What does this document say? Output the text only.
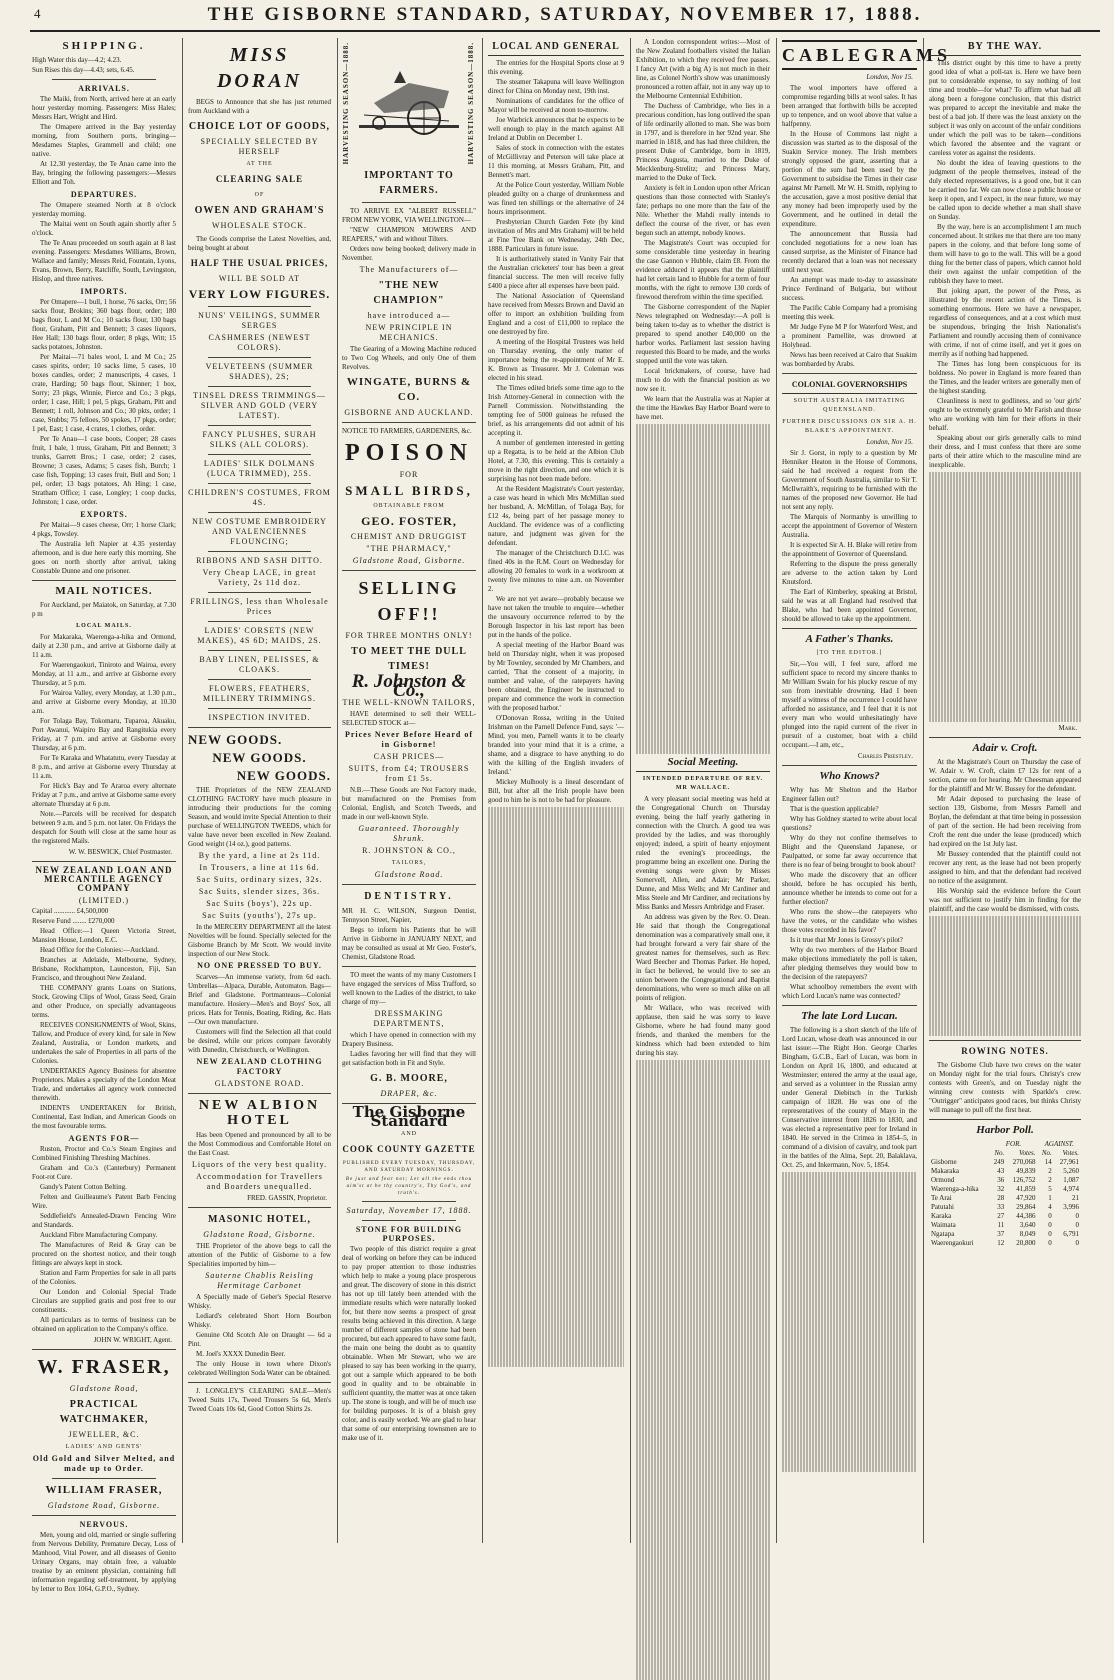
4	THE GISBORNE STANDARD, SATURDAY, NOVEMBER 17, 1888.
SHIPPING.

High Water this day—4.2; 4.23.

Sun Rises this day—4.43; sets, 6.45.

ARRIVALS.

The Maiki, from North, arrived here at an early hour yesterday morning. Passengers: Miss Hales; Messrs Hart, Wright and Hird.

The Omapere arrived in the Bay yesterday morning, from Southern ports, bringing—Mesdames Staples, Grammell and child; one native.

At 12.30 yesterday, the Te Anau came into the Bay, bringing the following passengers:—Messrs Elliott and Toh.

DEPARTURES.

The Omapere steamed North at 8 o'clock yesterday morning.

The Maitai went on South again shortly after 5 o'clock.

The Te Anau proceeded on south again at 8 last evening. Passengers: Mesdames Williams, Brown, Wallace and family; Messrs Reid, Fountain, Lyons, Evans, Brown, Berry, Ratcliffe, South, Levingston, Hislop, and three natives.

IMPORTS.

Per Omapere—1 bull, 1 horse, 76 sacks, Orr; 56 sacks flour, Brokins; 360 bags flour, order; 180 bags flour, L and M Co.; 10 sacks flour, 130 bags flour, Graham, Pitt and Bennett; 3 cases liquors, Hee Hall; 130 bags flour, order; 8 pkgs, Witt; 15 sacks potatoes, Johnston.

Per Maitai—71 bales wool, L and M Co.; 25 cases spirits, order; 10 sacks lime, 5 cases, 10 boxes candles, order; 2 manuscripts, 4 cases, 1 crate, Harding; 50 bags flour, Skinner; 1 box, Sorry; 23 pkgs, Winnie, Pierce and Co.; 3 pkgs, order; 1 case, Hill; 1 pel, 5 pkgs, Graham, Pitt and Bennett; 1 roll, Johnson and Co.; 30 pkts, order; 1 case, Stubbs; 75 felloes, 50 spokes, 17 pkgs, order; 1 pel, East; 1 case, 4 crates, 1 clothes, order.

Per Te Anau—1 case boots, Cooper; 28 cases fruit, 1 bale, 1 truss, Graham, Pitt and Bennett; 3 trunks, Garrett Bros.; 1 case, order; 2 cases, Browne; 3 cases, Adams; 5 cases fish, Burch; 1 case fish, Topping; 13 cases fruit, Bull and Son; 1 pel, order; 13 bags potatoes, Ah Hing; 1 case, Stratham Office; 1 case, Longley; 1 coop ducks, Johnston; 1 case, order.

EXPORTS.

Per Maitai—9 cases cheese, Orr; 1 horse Clark; 4 pkgs, Towsley.

The Australia left Napier at 4.35 yesterday afternoon, and is due here early this morning. She goes on north shortly after arrival, taking Constable Dunne and one prisoner.

MAIL NOTICES.

For Auckland, per Maiatok, on Saturday, at 7.30 p m

LOCAL MAILS.

For Makaraka, Waerenga-a-hika and Ormond, daily at 2.30 p.m., and arrive at Gisborne daily at 11 a.m.

For Waerengaokuri, Tiniroto and Wairoa, every Monday, at 11 a.m., and arrive at Gisborne every Thursday, at 5 p.m.

For Wairoa Valley, every Monday, at 1.30 p.m., and arrive at Gisborne every Monday, at 10.30 a.m.

For Tolaga Bay, Tokomaru, Tuparoa, Akuaku, Port Awanui, Waipiro Bay and Rangitukia every Friday, at 7 p.m. and arrive at Gisborne every Thursday, at 6 p.m.

For Te Karaka and Whatatutu, every Tuesday at 8 p.m., and arrive at Gisborne every Thursday at 11 a.m.

For Hick's Bay and Te Araroa every alternate Friday at 7 p.m., and arrive at Gisborne same every alternate Thursday at 6 p.m.

Note.—Parcels will be received for despatch between 9 a.m. and 5 p.m. not later. On Fridays the despatch for South will close at the same hour as the registered Mails.

W. W. BESWICK, Chief Postmaster.
NEW ZEALAND LOAN AND MERCANTILE AGENCY COMPANY
(LIMITED.)

Capital ............ £4,500,000

Reserve Fund ........ £270,000

Head Office:—1 Queen Victoria Street, Mansion House, London, E.C.

Head Office for the Colonies:—Auckland.

Branches at Adelaide, Melbourne, Sydney, Brisbane, Rockhampton, Launceston, Fiji, San Francisco, and throughout New Zealand.

THE COMPANY grants Loans on Stations, Stock, Growing Clips of Wool, Grass Seed, Grain and other Produce, on specially advantageous terms.

RECEIVES CONSIGNMENTS of Wool, Skins, Tallow, and Produce of every kind, for sale in New Zealand, Australia, or London markets, and undertakes the sale of Properties in all parts of the Colonies.

UNDERTAKES Agency Business for absentee Proprietors. Makes a specialty of the London Meat Trade, and undertakes all agency work connected therewith.

INDENTS UNDERTAKEN for British, Continental, East Indian, and American Goods on the most favourable terms.

AGENTS FOR—

Ruston, Proctor and Co.'s Steam Engines and Combined Finishing Threshing Machines.

Graham and Co.'s (Canterbury) Permanent Foot-rot Cure.

Gandy's Patent Cotton Belting.

Felten and Guilleaume's Patent Barb Fencing Wire.

Seddlefield's Annealed-Drawn Fencing Wire and Standards.

Auckland Fibre Manufacturing Company.

The Manufactures of Reid & Gray can be procured on the shortest notice, and their tough fittings are always kept in stock.

Station and Farm Properties for sale in all parts of the Colonies.

Our London and Colonial Special Trade Circulars are supplied gratis and post free to our constituents.

All particulars as to terms of business can be obtained on application to the Company's office.

JOHN W. WRIGHT, Agent.
W. FRASER,
Gladstone Road,
PRACTICAL WATCHMAKER,
JEWELLER, &C.
LADIES' AND GENTS'
Old Gold and Silver Melted, and made up to Order.
WILLIAM FRASER,
Gladstone Road, Gisborne.
NERVOUS.

Men, young and old, married or single suffering from Nervous Debility, Premature Decay, Loss of Manhood, Vital Power, and all diseases of Genito Urinary Organs, may obtain free, a valuable treatise by an eminent physician, containing full information regarding self-treatment, by applying by letter to Box 1064, G.P.O., Sydney.

MISS DORAN

BEGS to Announce that she has just returned from Auckland with a

CHOICE LOT OF GOODS,
SPECIALLY SELECTED BY HERSELF
AT THE
CLEARING SALE
OF
OWEN AND GRAHAM'S
WHOLESALE STOCK.

The Goods comprise the Latest Novelties, and, being bought at about

HALF THE USUAL PRICES,
WILL BE SOLD AT
VERY LOW FIGURES.
NUNS' VEILINGS, SUMMER SERGES
CASHMERES (NEWEST COLORS).
VELVETEENS (SUMMER SHADES), 2S;
TINSEL DRESS TRIMMINGS—SILVER AND GOLD (VERY LATEST).
FANCY PLUSHES, SURAH SILKS (ALL COLORS).
LADIES' SILK DOLMANS (LUCA TRIMMED), 25S.
CHILDREN'S COSTUMES, FROM 4S.
NEW COSTUME EMBROIDERY AND VALENCIENNES FLOUNCING;
RIBBONS AND SASH DITTO.
Very Cheap LACE, in great Variety, 2s 11d doz.
FRILLINGS, less than Wholesale Prices
LADIES' CORSETS (NEW MAKES), 4S 6D; MAIDS, 2S.
BABY LINEN, PELISSES, & CLOAKS.
FLOWERS, FEATHERS, MILLINERY TRIMMINGS.
INSPECTION INVITED.
NEW GOODS.
NEW GOODS.
NEW GOODS.

THE Proprietors of the NEW ZEALAND CLOTHING FACTORY have much pleasure in introducing their productions for the coming Season, and would invite Special Attention to their purchase of WELLINGTON TWEEDS, which for value have never been excelled in New Zealand. Good weight (14 oz.), good patterns.

By the yard, a line at 2s 11d.
In Trousers, a line at 11s 6d.
Sac Suits, ordinary sizes, 32s.
Sac Suits, slender sizes, 36s.
Sac Suits (boys'), 22s up.
Sac Suits (youths'), 27s up.

In the MERCERY DEPARTMENT all the latest Novelties will be found. Specially selected for the Gisborne Branch by Mr Scott. We would invite inspection of our New Stock.

NO ONE PRESSED TO BUY.

Scarves—An immense variety, from 6d each. Umbrellas—Alpaca, Durable, Automaton. Bags—Brief and Gladstone. Portmanteaus—Colonial manufacture. Hosiery—Men's and Boys' Sox, all prices. Hats for Tennis, Boating, Riding, &c. Hats—Our own manufacture.

Customers will find the Selection all that could be desired, while our prices compare favorably with Dunedin, Christchurch, or Wellington.

NEW ZEALAND CLOTHING FACTORY
GLADSTONE ROAD.
NEW ALBION HOTEL

Has been Opened and pronounced by all to be the Most Commodious and Comfortable Hotel on the East Coast.

Liquors of the very best quality.
Accommodation for Travellers and Boarders unequalled.
FRED. GASSIN, Proprietor.
MASONIC HOTEL,
Gladstone Road, Gisborne.

THE Proprietor of the above begs to call the attention of the Public of Gisborne to a few Specialities imported by him—

Sauterne Chablis Reisling Hermitage Carbonet

A Specially made of Geber's Special Reserve Whisky.

Lediard's celebrated Short Horn Bourbon Whisky.

Genuine Old Scotch Ale on Draught — 6d a Pint.

M. Joel's XXXX Dunedin Beer.

The only House in town where Dixon's celebrated Wellington Soda Water can be obtained.

J. LONGLEY'S CLEARING SALE—Men's Tweed Suits 17s, Tweed Trousers 5s 6d, Men's Tweed Coats 10s 6d, Good Cotton Shirts 2s.

HARVESTING SEASON—1888.	HARVESTING SEASON—1888.
IMPORTANT TO FARMERS.

TO ARRIVE EX "ALBERT RUSSELL" FROM NEW YORK, VIA WELLINGTON—

"NEW CHAMPION MOWERS AND REAPERS," with and without Tilters.

Orders now being booked; delivery made in November.

The Manufacturers of—
"THE NEW CHAMPION"
have introduced a—
NEW PRINCIPLE IN MECHANICS.

The Gearing of a Mowing Machine reduced to Two Cog Wheels, and only One of them Revolves.

WINGATE, BURNS & CO.
GISBORNE AND AUCKLAND.

NOTICE TO FARMERS, GARDENERS, &c.

POISON
FOR
SMALL BIRDS,
OBTAINABLE FROM
GEO. FOSTER,
CHEMIST AND DRUGGIST
"THE PHARMACY,"
Gladstone Road, Gisborne.
SELLING OFF!!
FOR THREE MONTHS ONLY!
TO MEET THE DULL TIMES!
R. Johnston & Co.,
THE WELL-KNOWN TAILORS,

HAVE determined to sell their WELL-SELECTED STOCK at—

Prices Never Before Heard of in Gisborne!
CASH PRICES—
SUITS, from £4; TROUSERS from £1 5s.

N.B.—These Goods are Not Factory made, but manufactured on the Premises from Colonial, English, and Scotch Tweeds, and made in our well-known Style.

Guaranteed. Thoroughly Shrunk.
R. JOHNSTON & CO.,
TAILORS,
Gladstone Road.
DENTISTRY.

MR H. C. WILSON, Surgeon Dentist, Tennyson Street, Napier,

Begs to inform his Patients that he will Arrive in Gisborne in JANUARY NEXT, and may be consulted as usual at Mr Geo. Foster's, Chemist, Gladstone Road.

TO meet the wants of my many Customers I have engaged the services of Miss Trafford, so well known to the Ladies of the district, to take charge of my—

DRESSMAKING DEPARTMENTS,

which I have opened in connection with my Drapery Business.

Ladies favoring her will find that they will get satisfaction both in Fit and Style.

G. B. MOORE,
DRAPER, &c.
The Gisborne Standard
AND
COOK COUNTY GAZETTE
PUBLISHED EVERY TUESDAY, THURSDAY, AND SATURDAY MORNINGS.
Be just and fear not; Let all the ends thou aim'st at be thy country's, Thy God's, and truth's.
Saturday, November 17, 1888.
STONE FOR BUILDING PURPOSES.

Two people of this district require a great deal of working on before they can be induced to pay proper attention to those industries which help to make a young place prosperous and great. The discovery of stone in this district has not up till lately been attended with the immediate results which were naturally looked for, but there now seems a prospect of great results being achieved in this direction. A large number of different samples of stone had been procured, but each appeared to have some fault, the main one being the doubt as to quantity obtainable. When Mr Stewart, who we are pleased to say has been working in the quarry, got out a sample which appeared to be both good in quality and to be obtainable in sufficient quantity, the matter was at once taken up. The stone is tough, and will be of much use for building purposes. It is of a bluish grey color, and is easily worked. We are glad to hear that some of our enterprising townsmen are to make use of it.

LOCAL AND GENERAL

The entries for the Hospital Sports close at 9 this evening.

The steamer Takapuna will leave Wellington direct for China on Monday next, 19th inst.

Nominations of candidates for the office of Mayor will be received at noon to-morrow.

Joe Warbrick announces that he expects to be well enough to play in the match against All Ireland at Dublin on December 1.

Sales of stock in connection with the estates of McGillivray and Peterson will take place at 11 this morning, at Messrs Graham, Pitt, and Bennett's mart.

At the Police Court yesterday, William Noble pleaded guilty on a charge of drunkenness and was fined ten shillings or the alternative of 24 hours imprisonment.

Presbyterian Church Garden Fete (by kind invitation of Mrs and Mrs Graham) will be held at Fine Tree Bank on Wednesday, 24th Dec, 1888. Particulars in future issue.

It is authoritatively stated in Vanity Fair that the Australian cricketers' tour has been a great financial success. The men will receive fully £400 a piece after all expenses have been paid.

The National Association of Queensland have received from Messrs Brown and David an offer to import an exhibition 'building from England and a cost of £11,000 to replace the one destroyed by fire.

A meeting of the Hospital Trustees was held on Thursday evening, the only matter of importance being the re-appointment of Mr E. K. Brown as Treasurer. Mr J. Coleman was elected in his stead.

The Times edited briefs some time ago to the Irish Attorney-General in connection with the Parnell Commission. Notwithstanding the tempting fee of 5000 guineas he refused the brief, as his arrangements did not admit of his accepting it.

A number of gentlemen interested in getting up a Regatta, is to be held at the Albion Club Hotel, at 7.30, this evening. This is certainly a move in the right direction, and one which it is surprising has not been made before.

At the Resident Magistrate's Court yesterday, a case was heard in which Mrs McMillan sued her husband, A. McMillan, of Tolaga Bay, for £12 4s, being part of her passage money to Auckland. The evidence was of a conflicting nature, and judgment was given for the defendant.

The manager of the Christchurch D.I.C. was fined 40s in the R.M. Court on Wednesday for allowing 20 females to work in a workroom at twenty five minutes to nine a.m. on November 2.

We are not yet aware—probably because we have not taken the trouble to enquire—whether the unsavoury occurrence referred to by the Borough Inspector in his last report has been put in the hands of the police.

A special meeting of the Harbor Board was held on Thursday night, when it was proposed by Mr Townley, seconded by Mr Chambers, and carried, 'That the consent of a majority, in number and value, of the ratepayers having been obtained, the Engineer be instructed to prepare and commence the work in connection with the proposed harbor.'

O'Donovan Rossa, writing in the United Irishman on the Parnell Defence Fund, says: '—Mind, you men, Parnell wants it to be clearly branded into your mind that it is a crime, a shame, and a disgrace to have anything to do with the killing of the English invaders of Ireland.'

Mickey Mulhooly is a lineal descendant of Bill, but after all the Irish people have been good to him he is not to be had for pleasure.

A London correspondent writes:—Most of the New Zealand footballers visited the Italian Exhibition, to which they received free passes. I fancy Art (with a big A) is not much in their line, as Colonel North's show was unanimously pronounced a rotten affair, not in any way up to the Melbourne Centennial Exhibition.

The Duchess of Cambridge, who lies in a precarious condition, has long outlived the span of life ordinarily allotted to man. She was born in 1797, and is therefore in her 92nd year. She married in 1818, and has had three children, the present Duke of Cambridge, born in 1819, Princess Augusta, married to the Duke of Mecklenburg-Strelitz; and Princess Mary, married to the Duke of Teck.

Anxiety is felt in London upon other African questions than those connected with Stanley's fate; perhaps no one more than the fate of the Nile. Whether the Mahdi really intends to deflect the course of the river, or has even begun such an attempt, nobody knows.

The Magistrate's Court was occupied for some considerable time yesterday in hearing the case Gannon v Hubble, claim £8. From the evidence adduced it appears that the plaintiff had let certain land to Hubble for a term of four months, with the right to remove 130 cords of firewood therefrom within the time specified.

The Gisborne correspondent of the Napier News telegraphed on Wednesday:—A poll is being taken to-day as to whether the district is prepared to spend another £40,000 on the harbor works. Parliament last session having requested this Board to be made, and the works stopped until the vote was taken.

Local brickmakers, of course, have had much to do with the financial position as we now see it.

We learn that the Australia was at Napier at the time the Hawkes Bay Harbor Board were to have met.

Social Meeting.
INTENDED DEPARTURE OF REV. MR WALLACE.

A very pleasant social meeting was held at the Congregational Church on Thursday evening, being the half yearly gathering in connection with the Church. A good tea was provided by the ladies, and was thoroughly enjoyed; indeed, a spirit of hearty enjoyment ruled the evening's proceedings, the programme being an excellent one. During the evening songs were given by Misses Somervell, Allen, and Adair; Mr Parker, Dunne, and Miss Wells; and Mr Cardiner and Miss Steele and Mr Cardiner, and recitations by Miss Banks and Messrs Ambridge and Fraser.

An address was given by the Rev. O. Dean. He said that though the Congregational denomination was a comparatively small one, it had brought forward a very fair share of the greatest names for themselves, such as Rev. Ward Beecher and Thomas Parker. He hoped, in fact he believed, he would live to see an union between the Congregational and Baptist denominations, who were so much alike on all points of religion.

Mr Wallace, who was received with applause, then said he was sorry to leave Gisborne, where he had found many good friends, and thanked the members for the kindness which had been extended to him during his stay.

CABLEGRAMS
London, Nov 15.

The wool importers have offered a compromise regarding bills at wool sales. It has been arranged that forthwith bills be accepted up to tenpence, and on wool above that value a halfpenny.

In the House of Commons last night a discussion was started as to the disposal of the Suakin Service money. The Irish members strongly opposed the grant, asserting that a portion of the sum had been used by the Government to subsidise the Times in their case against Mr Parnell. Mr W. H. Smith, replying to the accusation, gave a most positive denial that any money had been improperly used by the Government, and he outlined in detail the expenditure.

The announcement that Russia had concluded negotiations for a new loan has caused surprise, as the Minister of Finance had recently declared that a loan was not necessary until next year.

An attempt was made to-day to assassinate Prince Ferdinand of Bulgaria, but without success.

The Pacific Cable Company had a promising meeting this week.

Mr Judge Fyne M P for Waterford West, and a prominent Parnellite, was drowned at Holyhead.

News has been received at Cairo that Suakim was bombarded by Arabs.

COLONIAL GOVERNORSHIPS
SOUTH AUSTRALIA IMITATING QUEENSLAND.
FURTHER DISCUSSIONS ON SIR A. H. BLAKE'S APPOINTMENT.
London, Nov 15.

Sir J. Gorst, in reply to a question by Mr Henniker Heaton in the House of Commons, said he had received a request from the Government of South Australia, similar to Sir T. McIlwraith's, requiring to be furnished with the names of the proposed new Governor. He had not sent any reply.

The Marquis of Normanby is unwilling to accept the appointment of Governor of Western Australia.

It is expected Sir A. H. Blake will retire from the appointment of Governor of Queensland.

Referring to the dispute the press generally are adverse to the action taken by Lord Knutsford.

The Earl of Kimberley, speaking at Bristol, said he was at all England had resolved that Blake, who had been appointed Governor, should be allowed to take up the appointment.

A Father's Thanks.
[TO THE EDITOR.]

Sir,—You will, I feel sure, afford me sufficient space to record my sincere thanks to Mr William Swain for his plucky rescue of my son from inevitable drowning. Had I been myself a witness of the occurrence I could have afforded no assistance, and I feel that it is not every man who would unhesitatingly have plunged into the rapid current of the river in pursuit of a customer, boat with a child occupant.—I am, etc.,

Charles Priestley.
Who Knows?

Why has Mr Shelton and the Harbor Engineer fallen out?

That is the question applicable?

Why has Goldney started to write about local questions?

Why do they not confine themselves to Blight and the Queensland Japanese, or Paulpatted, or some far away occurrence that there is no fear of being brought to book about?

Who made the discovery that an officer should, before he has occupied his berth, announce whether he intends to come out for a further election?

Who runs the show—the ratepayers who have the votes, or the candidate who wishes those votes recorded in his favor?

Is it true that Mr Jones is Grossy's pilot?

Why do two members of the Harbor Board make objections immediately the poll is taken, after pledging themselves they would bow to the decision of the ratepayers?

What schoolboy remembers the event with which Lord Lucan's name was connected?

The late Lord Lucan.

The following is a short sketch of the life of Lord Lucan, whose death was announced in our last issue:—The Right Hon. George Charles Bingham, G.C.B., Earl of Lucan, was born in London on April 16, 1800, and educated at Westminster; entered the army at the usual age, and served as a volunteer in the Russian army under General Diebitsch in the Turkish campaign of 1828. He was one of the representatives of the county of Mayo in the Conservative interest from 1826 to 1830, and was elected a representative peer for Ireland in 1840. He served in the Crimea in 1854–5, in command of a division of cavalry, and took part in the battles of the Alma, Sept. 20, Balaklava, Oct. 25, and Inkermann, Nov. 5, 1854.

BY THE WAY.

This district ought by this time to have a pretty good idea of what a poll-tax is. Here we have been put to considerable expense, to say nothing of lost time and trouble—for what? To affirm what had all along been a foregone conclusion, that this district was prepared to accept the inevitable and make the best of a bad job. If there was the least anxiety on the subject it was only on account of the unfair conditions under which the poll was to be taken—conditions which favored the absentee and the vagrant or careless voter as against the residents.

No doubt the idea of leaving questions to the judgment of the people themselves, instead of the duly elected representatives, is a good one, but it can be carried too far. We can now close a public house or keep it open, and I expect, in the near future, we may be called upon to decide whether a man shall shave on Sunday.

By the way, here is an accomplishment I am much concerned about. It strikes me that there are too many papers in the colony, and that before long some of them will have to go to the wall. This will be a good thing for the better class of papers, which cannot hold their own against the unfair competition of the rubbish they have to meet.

But joking apart, the power of the Press, as illustrated by the recent action of the Times, is something enormous. Here we have a newspaper, regardless of consequences, and at a cost which must be stupendous, bringing the Irish Nationalist's Parliament and roundly accusing them of connivance with crime, if not of crime itself, and yet it goes on merrily as if nothing had happened.

The Times has long been conspicuous for its boldness. No power in England is more feared than the Times, and the leader writers are generally men of the highest standing.

Cleanliness is next to godliness, and so 'our girls' ought to be extremely grateful to Mr Farish and those who are working with him for their efforts in their behalf.

Speaking about our girls generally calls to mind their dress, and I must confess that there are some parts of their attire which to the masculine mind are inexplicable.

Mark.
Adair v. Croft.

At the Magistrate's Court on Thursday the case of W. Adair v. W. Croft, claim £7 12s for rent of a section, came on for hearing. Mr Cheesman appeared for the plaintiff and Mr W. Bussey for the defendant.

Mr Adair deposed to purchasing the lease of section 139, Gisborne, from Messrs Parnell and Boylan, the defendant at that time being in possession of part of the section. He had been receiving from Croft the rent due under the lease (produced) which had expired on the 1st July last.

Mr Bussey contended that the plaintiff could not recover any rent, as the lease had not been properly assigned to him, and that the defendant had received no notice of the assignment.

His Worship said the evidence before the Court was not sufficient to justify him in finding for the plaintiff, and the case would be dismissed, with costs.

ROWING NOTES.

The Gisborne Club have two crews on the water on Monday night for the trial fours. Christy's crew contests with Green's, and on Tuesday night the winning crew contests with Sparkle's crew. "Outrigger" anticipates good races, but thinks Christy will manage to pull off the first heat.

Harbor Poll.
	FOR.		AGAINST.	
	No.	Votes.	No.	Votes.
Gisborne	249	270,068	14	27,961
Makaraka	43	49,839	2	5,260
Ormond	36	126,752	2	1,087
Waerenga-a-hika	32	41,859	5	4,974
Te Arai	28	47,920	1	21
Patutahi	33	29,864	4	3,996
Karaka	27	44,386	0	0
Waimata	11	3,640	0	0
Ngatapa	37	8,049	0	6,791
Waerengaokuri	12	20,800	0	0
